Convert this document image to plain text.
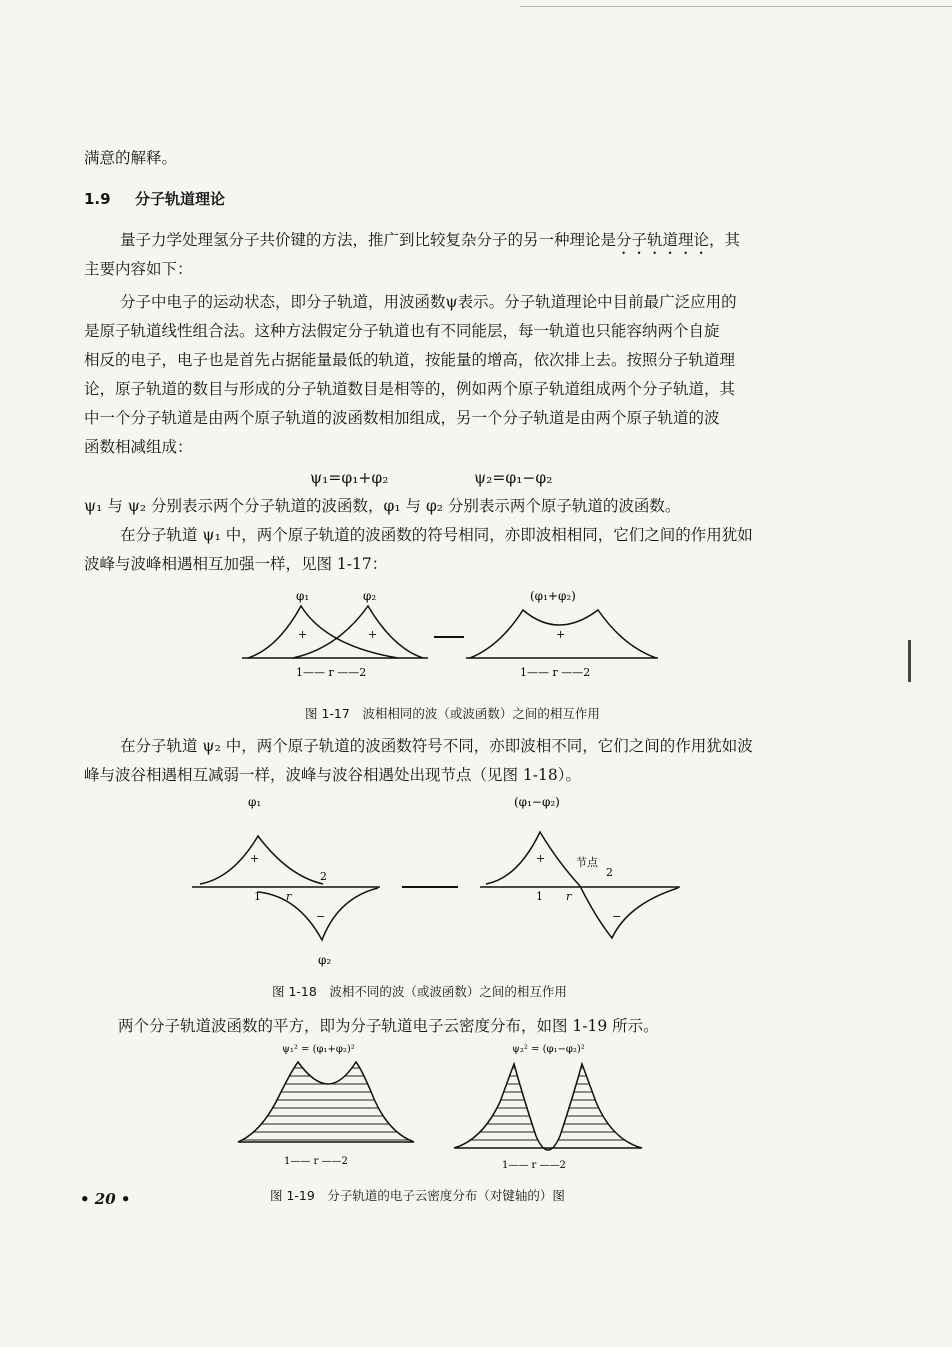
满意的解释。
1.9 分子轨道理论
量子力学处理氢分子共价键的方法，推广到比较复杂分子的另一种理论是分子轨道理论，其
主要内容如下：
分子中电子的运动状态，即分子轨道，用波函数ψ表示。分子轨道理论中目前最广泛应用的
是原子轨道线性组合法。这种方法假定分子轨道也有不同能层，每一轨道也只能容纳两个自旋
相反的电子，电子也是首先占据能量最低的轨道，按能量的增高，依次排上去。按照分子轨道理
论，原子轨道的数目与形成的分子轨道数目是相等的，例如两个原子轨道组成两个分子轨道，其
中一个分子轨道是由两个原子轨道的波函数相加组成，另一个分子轨道是由两个原子轨道的波
函数相减组成：
ψ₁=φ₁+φ₂	ψ₂=φ₁−φ₂
ψ₁ 与 ψ₂ 分别表示两个分子轨道的波函数，φ₁ 与 φ₂ 分别表示两个原子轨道的波函数。
在分子轨道 ψ₁ 中，两个原子轨道的波函数的符号相同，亦即波相相同，它们之间的作用犹如
波峰与波峰相遇相互加强一样，见图 1-17：
φ₁	φ₂
+	+
1—— r ——2
(φ₁+φ₂)
+
1—— r ——2
图 1-17　波相相同的波（或波函数）之间的相互作用
在分子轨道 ψ₂ 中，两个原子轨道的波函数符号不同，亦即波相不同，它们之间的作用犹如波
峰与波谷相遇相互减弱一样，波峰与波谷相遇处出现节点（见图 1-18）。
φ₁
φ₂
+
−
1
2
r
(φ₁−φ₂)
+
−
节点
2
1 r
图 1-18　波相不同的波（或波函数）之间的相互作用
两个分子轨道波函数的平方，即为分子轨道电子云密度分布，如图 1-19 所示。
ψ₁² = (φ₁+φ₂)²
1—— r ——2
ψ₂² = (φ₁−φ₂)²
1—— r ——2
图 1-19　分子轨道的电子云密度分布（对键轴的）图
• 20 •
